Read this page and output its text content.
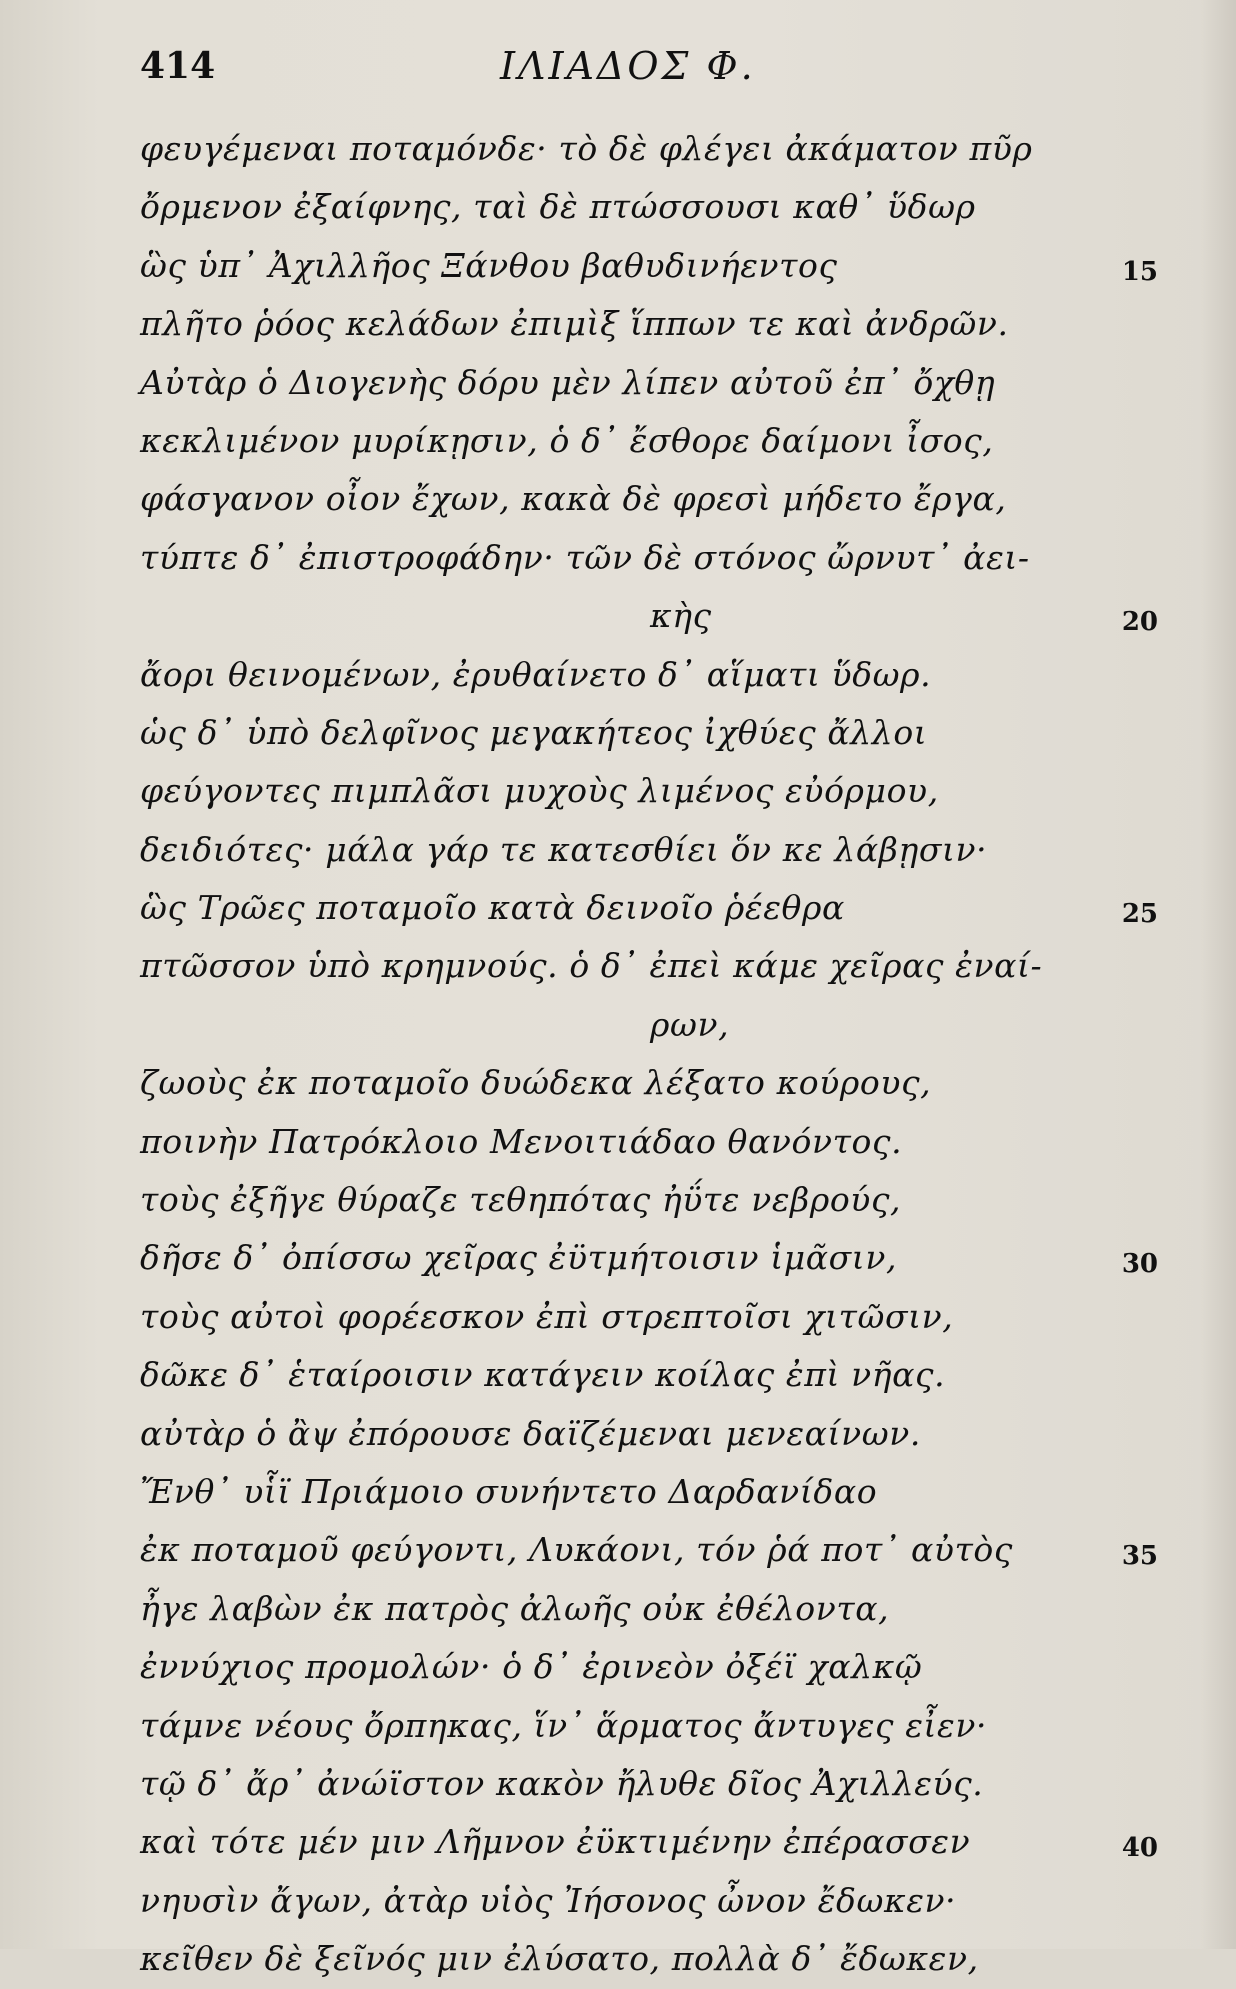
414	ΙΛΙΑΔΟΣ Φ.
φευγέμεναι ποταμόνδε· τὸ δὲ φλέγει ἀκάματον πῦρ
ὄρμενον ἐξαίφνης, ταὶ δὲ πτώσσουσι καθ᾽ ὕδωρ
ὣς ὑπ᾽ Ἀχιλλῆος Ξάνθου βαθυδινήεντος	15
πλῆτο ῥόος κελάδων ἐπιμὶξ ἵππων τε καὶ ἀνδρῶν.
Αὐτὰρ ὁ Διογενὴς δόρυ μὲν λίπεν αὐτοῦ ἐπ᾽ ὄχθῃ
κεκλιμένον μυρίκῃσιν, ὁ δ᾽ ἔσθορε δαίμονι ἶσος,
φάσγανον οἶον ἔχων, κακὰ δὲ φρεσὶ μήδετο ἔργα,
τύπτε δ᾽ ἐπιστροφάδην· τῶν δὲ στόνος ὤρνυτ᾽ ἀει-
κὴς	20
ἄορι θεινομένων, ἐρυθαίνετο δ᾽ αἵματι ὕδωρ.
ὡς δ᾽ ὑπὸ δελφῖνος μεγακήτεος ἰχθύες ἄλλοι
φεύγοντες πιμπλᾶσι μυχοὺς λιμένος εὐόρμου,
δειδιότες· μάλα γάρ τε κατεσθίει ὅν κε λάβῃσιν·
ὣς Τρῶες ποταμοῖο κατὰ δεινοῖο ῥέεθρα	25
πτῶσσον ὑπὸ κρημνούς. ὁ δ᾽ ἐπεὶ κάμε χεῖρας ἐναί-
ρων,
ζωοὺς ἐκ ποταμοῖο δυώδεκα λέξατο κούρους,
ποινὴν Πατρόκλοιο Μενοιτιάδαο θανόντος.
τοὺς ἐξῆγε θύραζε τεθηπότας ἠΰτε νεβρούς,
δῆσε δ᾽ ὀπίσσω χεῖρας ἐϋτμήτοισιν ἱμᾶσιν,	30
τοὺς αὐτοὶ φορέεσκον ἐπὶ στρεπτοῖσι χιτῶσιν,
δῶκε δ᾽ ἑταίροισιν κατάγειν κοίλας ἐπὶ νῆας.
αὐτὰρ ὁ ἂψ ἐπόρουσε δαϊζέμεναι μενεαίνων.
Ἔνθ᾽ υἷϊ Πριάμοιο συνήντετο Δαρδανίδαο
ἐκ ποταμοῦ φεύγοντι, Λυκάονι, τόν ῥά ποτ᾽ αὐτὸς	35
ἦγε λαβὼν ἐκ πατρὸς ἀλωῆς οὐκ ἐθέλοντα,
ἐννύχιος προμολών· ὁ δ᾽ ἐρινεὸν ὀξέϊ χαλκῷ
τάμνε νέους ὄρπηκας, ἵν᾽ ἅρματος ἄντυγες εἶεν·
τῷ δ᾽ ἄρ᾽ ἀνώϊστον κακὸν ἤλυθε δῖος Ἀχιλλεύς.
καὶ τότε μέν μιν Λῆμνον ἐϋκτιμένην ἐπέρασσεν	40
νηυσὶν ἄγων, ἀτὰρ υἱὸς Ἰήσονος ὦνον ἔδωκεν·
κεῖθεν δὲ ξεῖνός μιν ἐλύσατο, πολλὰ δ᾽ ἔδωκεν,
